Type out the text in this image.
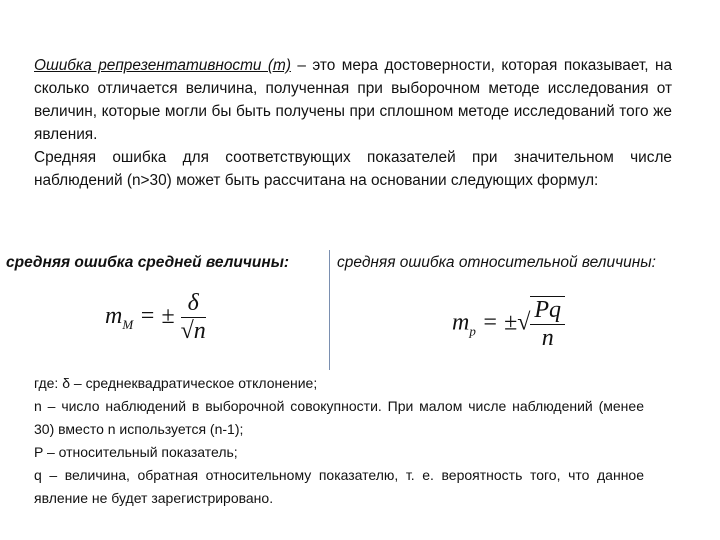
Ошибка репрезентативности (m) – это мера достоверности, которая показывает, на сколько отличается величина, полученная при выборочном методе исследования от величин, которые могли бы быть получены при сплошном методе исследований того же явления.
Средняя ошибка для соответствующих показателей при значительном числе наблюдений (n>30) может быть рассчитана на основании следующих формул:
средняя ошибка средней величины:	средняя ошибка относительной величины:
$m_M$ = ± $\frac{\delta}{√n}$	$m_p$ = ±√ $\frac{Pq}{n}$
где: δ – среднеквадратическое отклонение;
n – число наблюдений в выборочной совокупности. При малом числе наблюдений (менее 30) вместо n используется (n-1);
P – относительный показатель;
q – величина, обратная относительному показателю, т. е. вероятность того, что данное явление не будет зарегистрировано.
